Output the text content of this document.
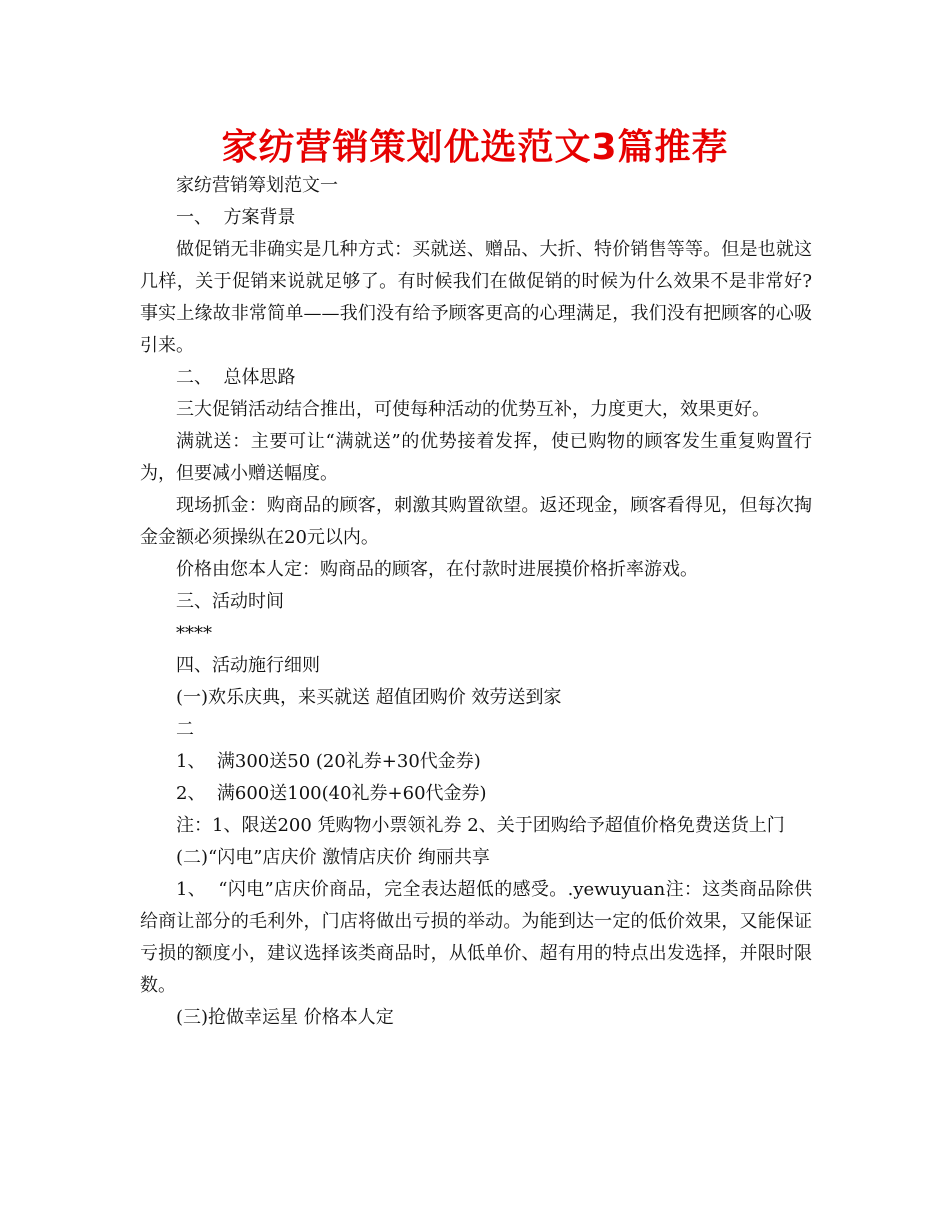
家纺营销策划优选范文3篇推荐

家纺营销筹划范文一

一、  方案背景

做促销无非确实是几种方式：买就送、赠品、大折、特价销售等等。但是也就这几样，关于促销来说就足够了。有时候我们在做促销的时候为什么效果不是非常好?事实上缘故非常简单——我们没有给予顾客更高的心理满足，我们没有把顾客的心吸引来。

二、  总体思路

三大促销活动结合推出，可使每种活动的优势互补，力度更大，效果更好。

满就送：主要可让“满就送”的优势接着发挥，使已购物的顾客发生重复购置行为，但要减小赠送幅度。

现场抓金：购商品的顾客，刺激其购置欲望。返还现金，顾客看得见，但每次掏金金额必须操纵在20元以内。

价格由您本人定：购商品的顾客，在付款时进展摸价格折率游戏。

三、活动时间

****

四、活动施行细则

(一)欢乐庆典，来买就送 超值团购价 效劳送到家

二

1、  满300送50 (20礼券+30代金券)

2、  满600送100(40礼券+60代金券)

注：1、限送200 凭购物小票领礼券 2、关于团购给予超值价格免费送货上门

(二)“闪电”店庆价 激情店庆价 绚丽共享

1、  “闪电”店庆价商品，完全表达超低的感受。.yewuyuan注：这类商品除供给商让部分的毛利外，门店将做出亏损的举动。为能到达一定的低价效果，又能保证亏损的额度小，建议选择该类商品时，从低单价、超有用的特点出发选择，并限时限数。

(三)抢做幸运星 价格本人定
